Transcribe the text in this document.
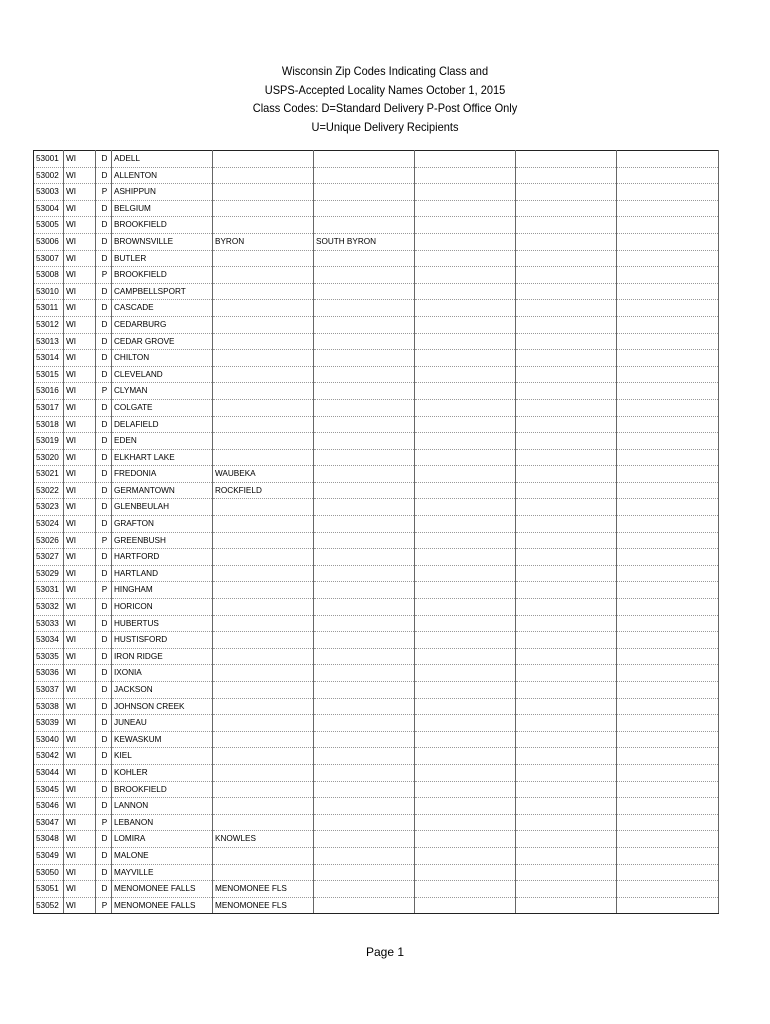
Wisconsin Zip Codes Indicating Class and
USPS-Accepted Locality Names October 1, 2015
Class Codes: D=Standard Delivery P-Post Office Only
U=Unique Delivery Recipients
53001	WI	D	ADELL					
53002	WI	D	ALLENTON					
53003	WI	P	ASHIPPUN					
53004	WI	D	BELGIUM					
53005	WI	D	BROOKFIELD					
53006	WI	D	BROWNSVILLE	BYRON	SOUTH BYRON			
53007	WI	D	BUTLER					
53008	WI	P	BROOKFIELD					
53010	WI	D	CAMPBELLSPORT					
53011	WI	D	CASCADE					
53012	WI	D	CEDARBURG					
53013	WI	D	CEDAR GROVE					
53014	WI	D	CHILTON					
53015	WI	D	CLEVELAND					
53016	WI	P	CLYMAN					
53017	WI	D	COLGATE					
53018	WI	D	DELAFIELD					
53019	WI	D	EDEN					
53020	WI	D	ELKHART LAKE					
53021	WI	D	FREDONIA	WAUBEKA				
53022	WI	D	GERMANTOWN	ROCKFIELD				
53023	WI	D	GLENBEULAH					
53024	WI	D	GRAFTON					
53026	WI	P	GREENBUSH					
53027	WI	D	HARTFORD					
53029	WI	D	HARTLAND					
53031	WI	P	HINGHAM					
53032	WI	D	HORICON					
53033	WI	D	HUBERTUS					
53034	WI	D	HUSTISFORD					
53035	WI	D	IRON RIDGE					
53036	WI	D	IXONIA					
53037	WI	D	JACKSON					
53038	WI	D	JOHNSON CREEK					
53039	WI	D	JUNEAU					
53040	WI	D	KEWASKUM					
53042	WI	D	KIEL					
53044	WI	D	KOHLER					
53045	WI	D	BROOKFIELD					
53046	WI	D	LANNON					
53047	WI	P	LEBANON					
53048	WI	D	LOMIRA	KNOWLES				
53049	WI	D	MALONE					
53050	WI	D	MAYVILLE					
53051	WI	D	MENOMONEE FALLS	MENOMONEE FLS				
53052	WI	P	MENOMONEE FALLS	MENOMONEE FLS				
Page 1
